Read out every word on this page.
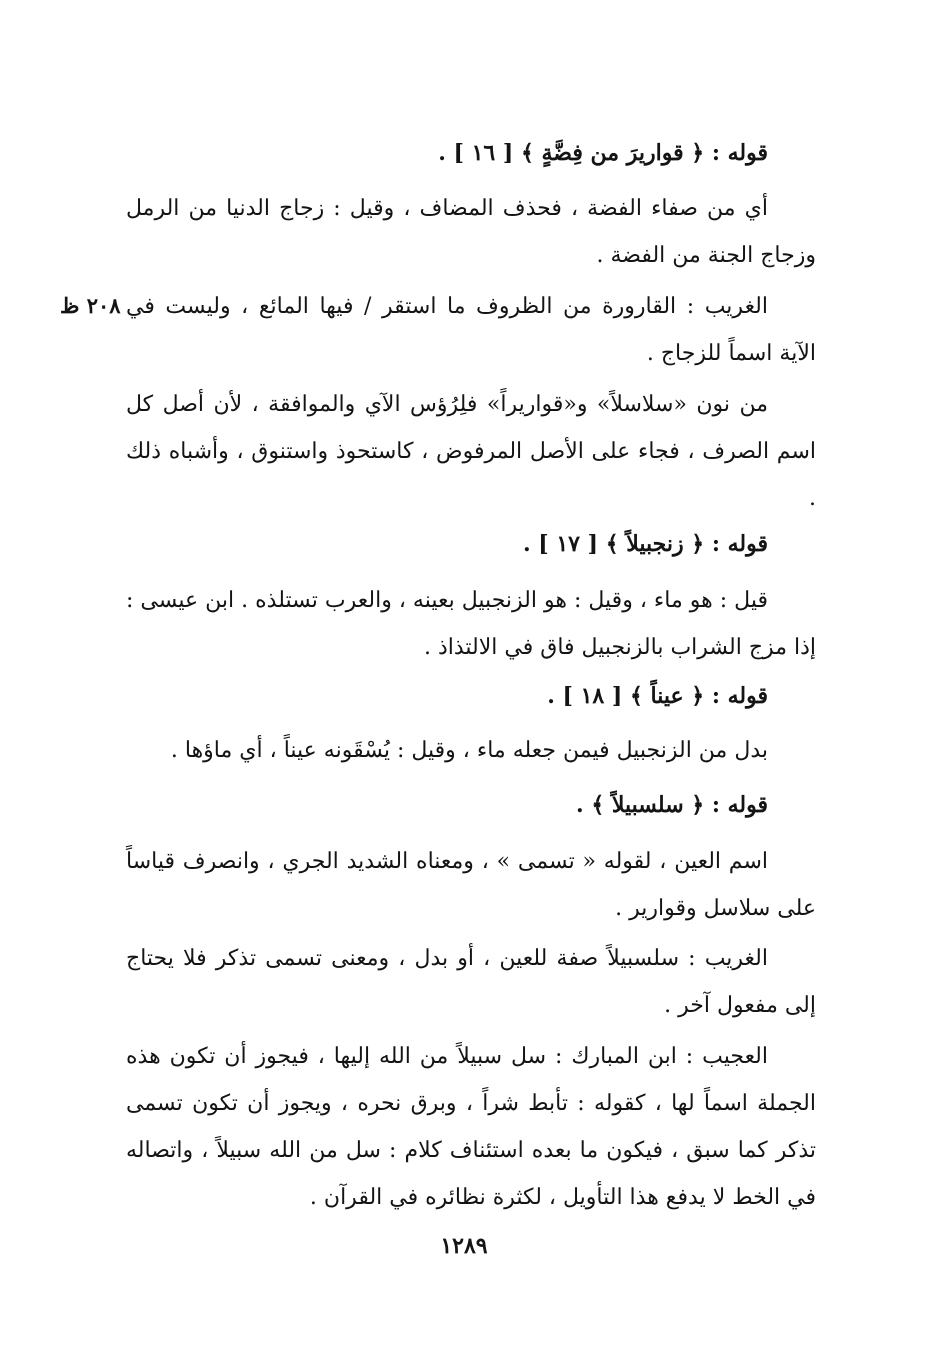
قوله : ﴿ قواريرَ من فِضَّةٍ ﴾ [ ١٦ ] .

أي من صفاء الفضة ، فحذف المضاف ، وقيل : زجاج الدنيا من الرمل وزجاج الجنة من الفضة .

الغريب : القارورة من الظروف ما استقر / فيها المائع ، وليست في الآية اسماً للزجاج .

٢٠٨ ظ

من نون «سلاسلاً» و«قواريراً» فلِرُؤس الآي والموافقة ، لأن أصل كل اسم الصرف ، فجاء على الأصل المرفوض ، كاستحوذ واستنوق ، وأشباه ذلك .

قوله : ﴿ زنجبيلاً ﴾ [ ١٧ ] .

قيل : هو ماء ، وقيل : هو الزنجبيل بعينه ، والعرب تستلذه . ابن عيسى : إذا مزج الشراب بالزنجبيل فاق في الالتذاذ .

قوله : ﴿ عيناً ﴾ [ ١٨ ] .

بدل من الزنجبيل فيمن جعله ماء ، وقيل : يُسْقَونه عيناً ، أي ماؤها .

قوله : ﴿ سلسبيلاً ﴾ .

اسم العين ، لقوله « تسمى » ، ومعناه الشديد الجري ، وانصرف قياساً على سلاسل وقوارير .

الغريب : سلسبيلاً صفة للعين ، أو بدل ، ومعنى تسمى تذكر فلا يحتاج إلى مفعول آخر .

العجيب : ابن المبارك : سل سبيلاً من الله إليها ، فيجوز أن تكون هذه الجملة اسماً لها ، كقوله : تأبط شراً ، وبرق نحره ، ويجوز أن تكون تسمى تذكر كما سبق ، فيكون ما بعده استئناف كلام : سل من الله سبيلاً ، واتصاله في الخط لا يدفع هذا التأويل ، لكثرة نظائره في القرآن .

١٢٨٩
